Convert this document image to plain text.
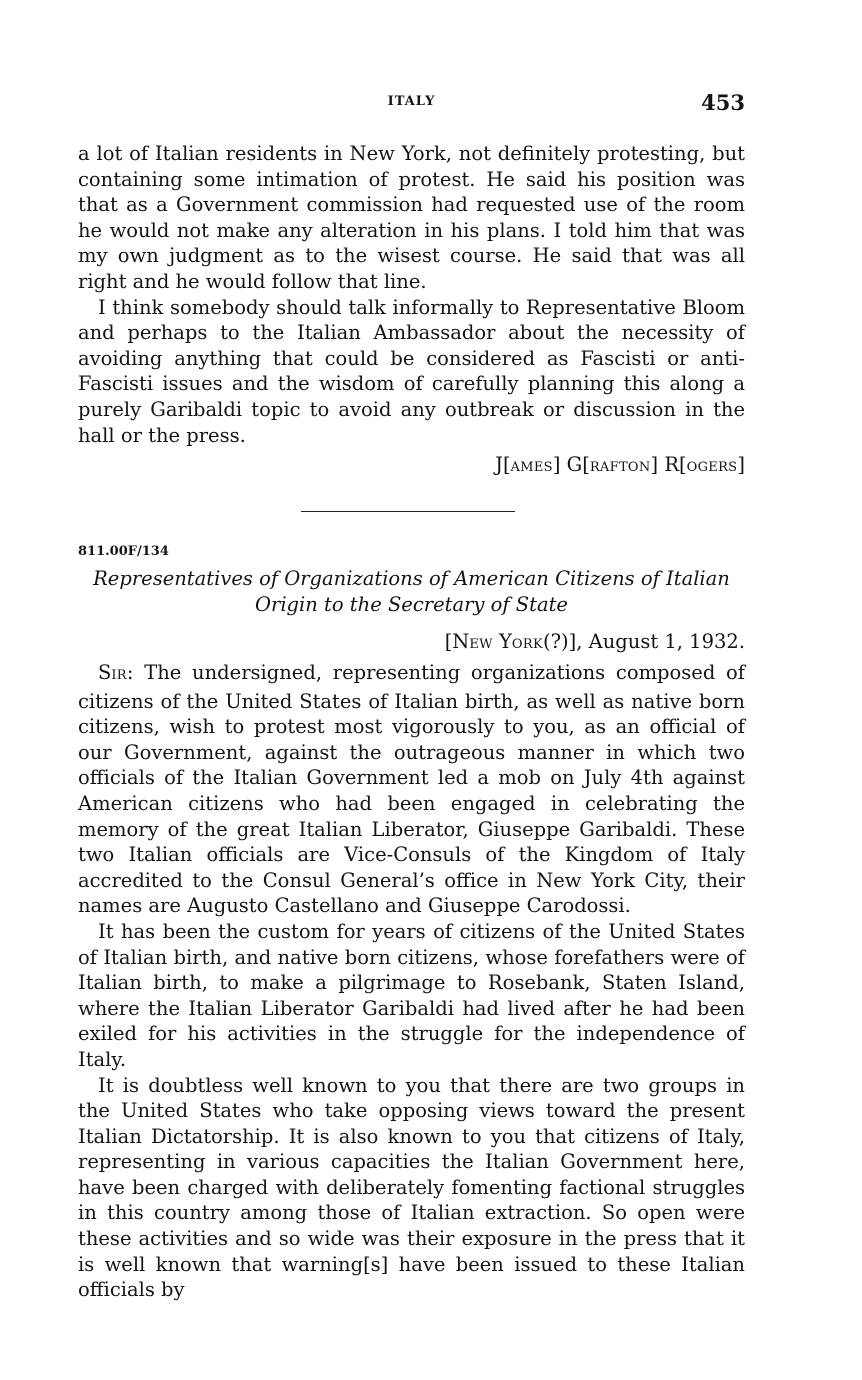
ITALY	453

a lot of Italian residents in New York, not definitely protesting, but containing some intimation of protest. He said his position was that as a Government commission had requested use of the room he would not make any alteration in his plans. I told him that was my own judgment as to the wisest course. He said that was all right and he would follow that line.

I think somebody should talk informally to Representative Bloom and perhaps to the Italian Ambassador about the necessity of avoiding anything that could be considered as Fascisti or anti-Fascisti issues and the wisdom of carefully planning this along a purely Garibaldi topic to avoid any outbreak or discussion in the hall or the press.

J[AMES] G[RAFTON] R[OGERS]
811.00F/134
Representatives of Organizations of American Citizens of Italian
Origin to the Secretary of State
[NEW YORK(?)], August 1, 1932.

SIR: The undersigned, representing organizations composed of citizens of the United States of Italian birth, as well as native born citizens, wish to protest most vigorously to you, as an official of our Government, against the outrageous manner in which two officials of the Italian Government led a mob on July 4th against American citizens who had been engaged in celebrating the memory of the great Italian Liberator, Giuseppe Garibaldi. These two Italian officials are Vice-Consuls of the Kingdom of Italy accredited to the Consul General’s office in New York City, their names are Augusto Castellano and Giuseppe Carodossi.

It has been the custom for years of citizens of the United States of Italian birth, and native born citizens, whose forefathers were of Italian birth, to make a pilgrimage to Rosebank, Staten Island, where the Italian Liberator Garibaldi had lived after he had been exiled for his activities in the struggle for the independence of Italy.

It is doubtless well known to you that there are two groups in the United States who take opposing views toward the present Italian Dictatorship. It is also known to you that citizens of Italy, representing in various capacities the Italian Government here, have been charged with deliberately fomenting factional struggles in this country among those of Italian extraction. So open were these activities and so wide was their exposure in the press that it is well known that warning[s] have been issued to these Italian officials by
